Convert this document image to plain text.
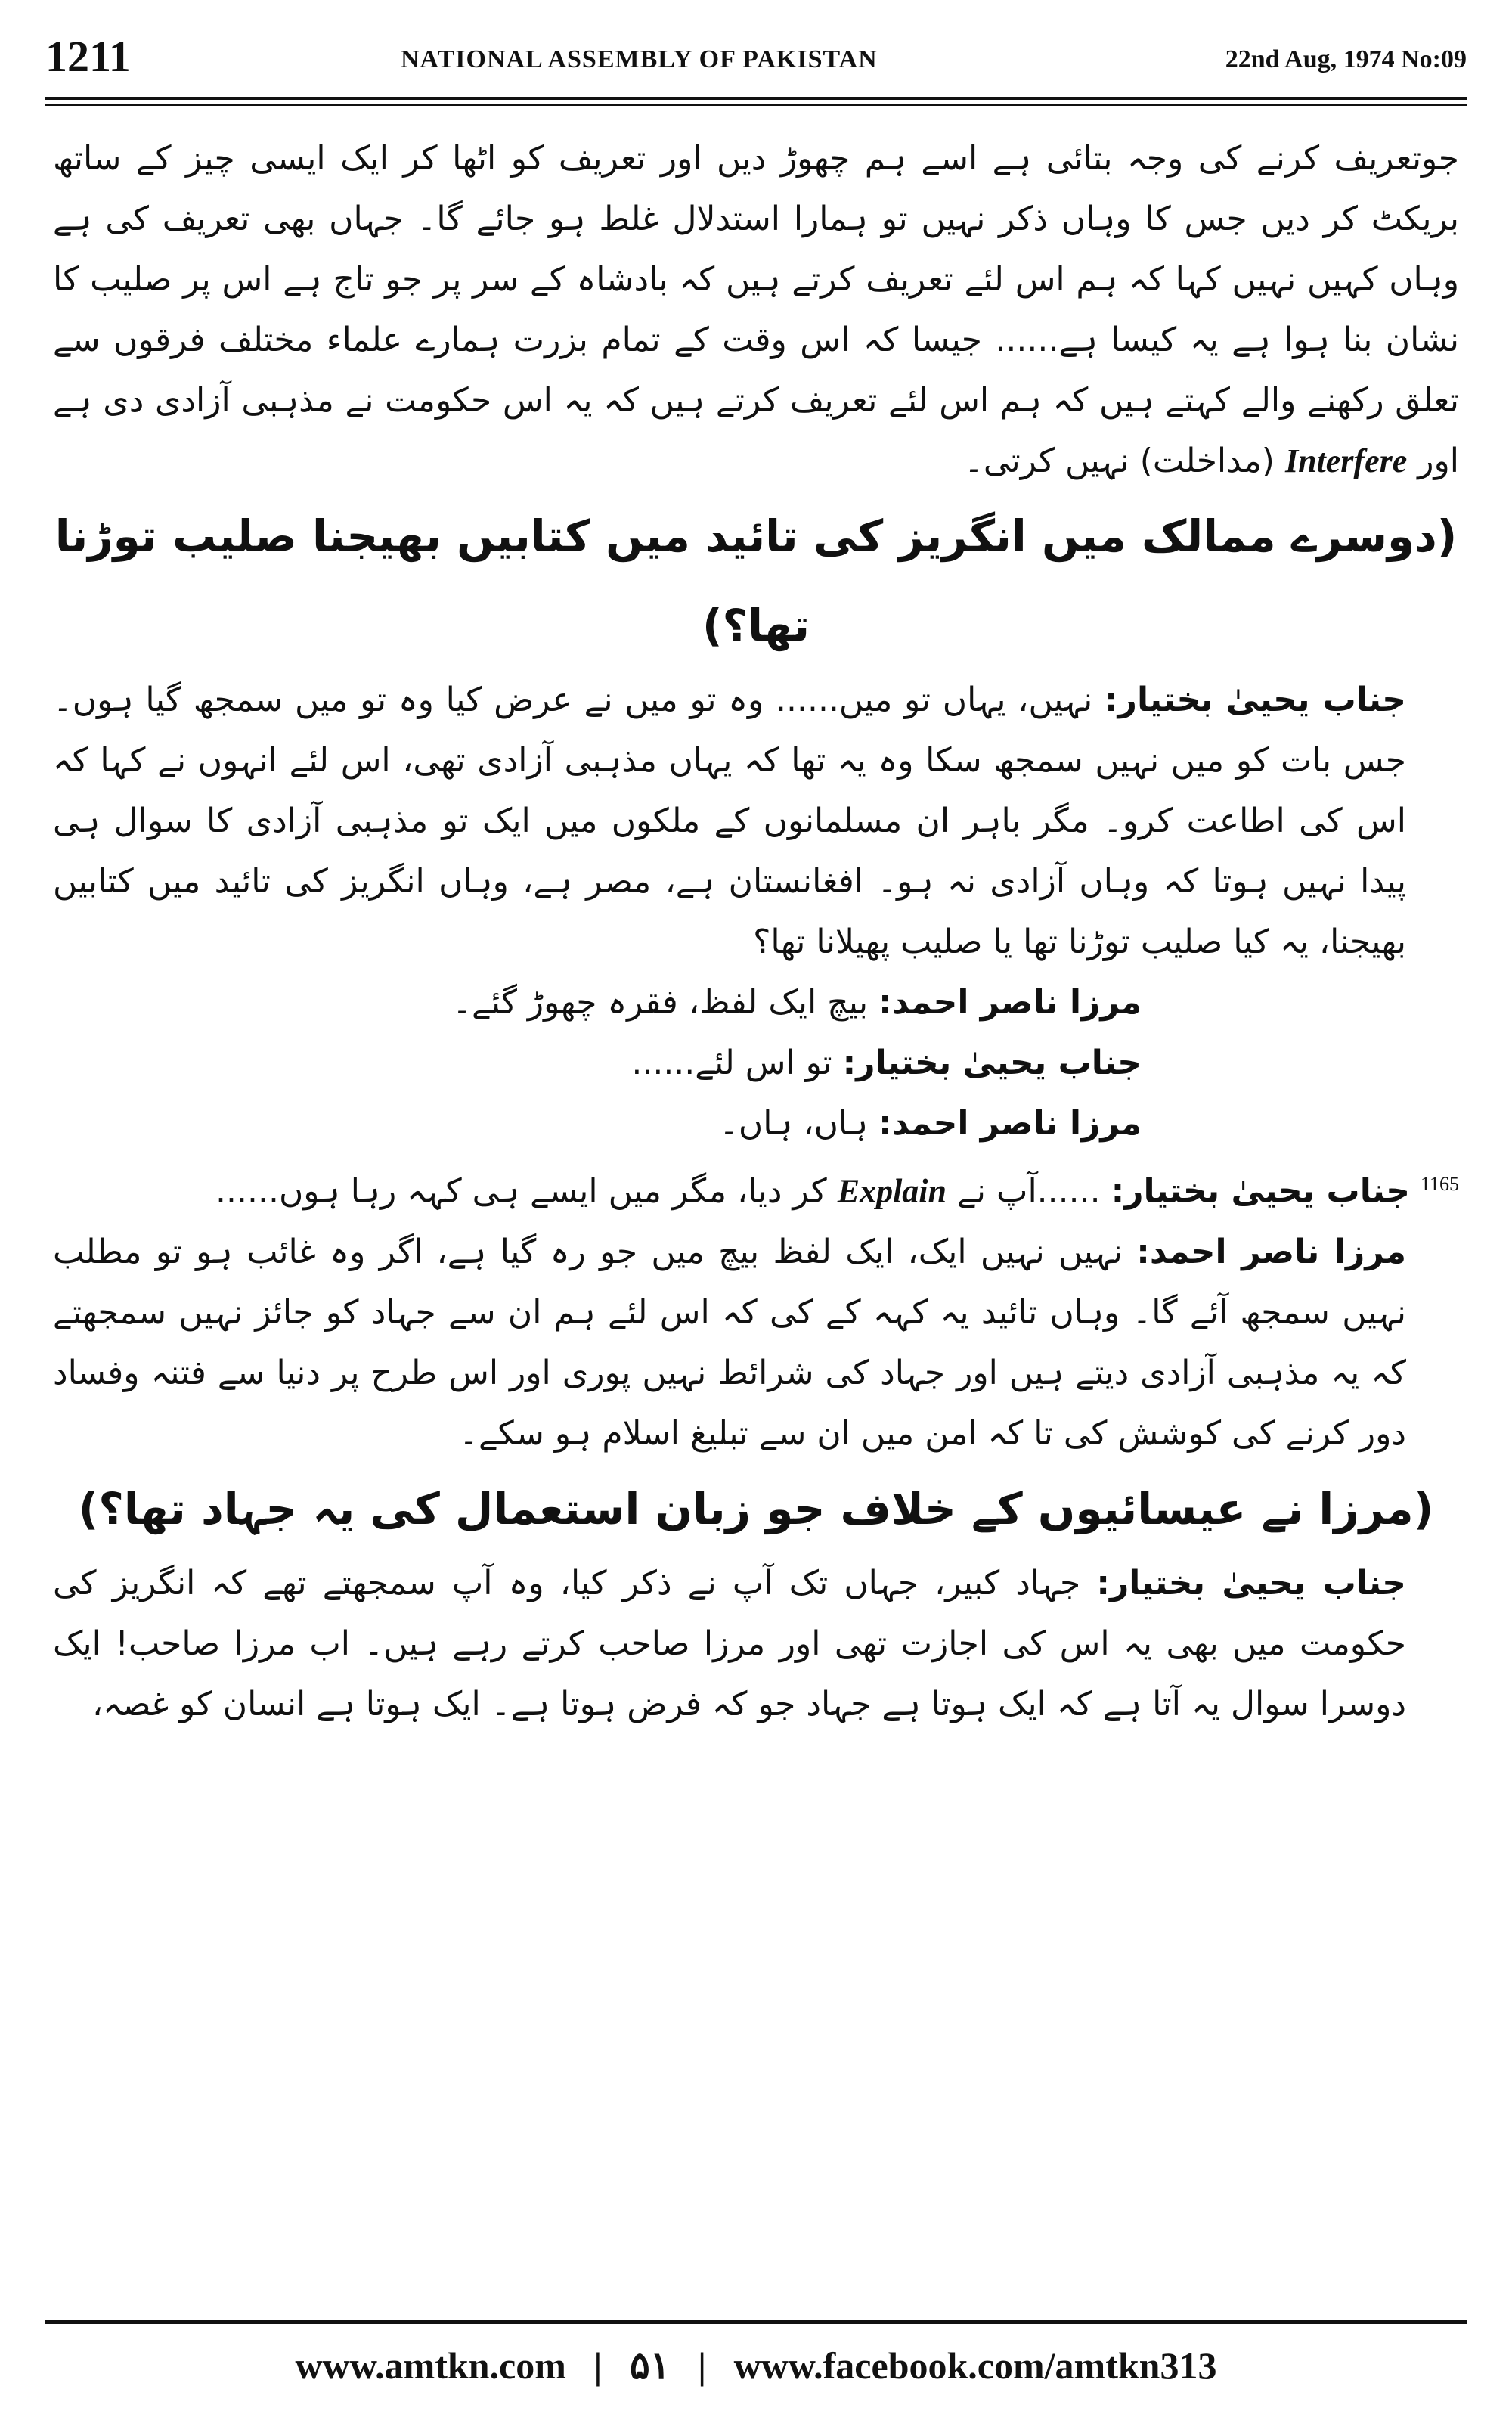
1211	NATIONAL ASSEMBLY OF PAKISTAN	22nd Aug, 1974 No:09

جوتعریف کرنے کی وجہ بتائی ہے اسے ہم چھوڑ دیں اور تعریف کو اٹھا کر ایک ایسی چیز کے ساتھ بریکٹ کر دیں جس کا وہاں ذکر نہیں تو ہمارا استدلال غلط ہو جائے گا۔ جہاں بھی تعریف کی ہے وہاں کہیں نہیں کہا کہ ہم اس لئے تعریف کرتے ہیں کہ بادشاہ کے سر پر جو تاج ہے اس پر صلیب کا نشان بنا ہوا ہے یہ کیسا ہے...... جیسا کہ اس وقت کے تمام بزرت ہمارے علماء مختلف فرقوں سے تعلق رکھنے والے کہتے ہیں کہ ہم اس لئے تعریف کرتے ہیں کہ یہ اس حکومت نے مذہبی آزادی دی ہے اور Interfere (مداخلت) نہیں کرتی۔

(دوسرے ممالک میں انگریز کی تائید میں کتابیں بھیجنا صلیب توڑنا تھا؟)

جناب یحییٰ بختیار: نہیں، یہاں تو میں...... وہ تو میں نے عرض کیا وہ تو میں سمجھ گیا ہوں۔ جس بات کو میں نہیں سمجھ سکا وہ یہ تھا کہ یہاں مذہبی آزادی تھی، اس لئے انہوں نے کہا کہ اس کی اطاعت کرو۔ مگر باہر ان مسلمانوں کے ملکوں میں ایک تو مذہبی آزادی کا سوال ہی پیدا نہیں ہوتا کہ وہاں آزادی نہ ہو۔ افغانستان ہے، مصر ہے، وہاں انگریز کی تائید میں کتابیں بھیجنا، یہ کیا صلیب توڑنا تھا یا صلیب پھیلانا تھا؟

مرزا ناصر احمد: بیچ ایک لفظ، فقرہ چھوڑ گئے۔

جناب یحییٰ بختیار: تو اس لئے......

مرزا ناصر احمد: ہاں، ہاں۔

$^{1165}$ جناب یحییٰ بختیار: ......آپ نے Explain کر دیا، مگر میں ایسے ہی کہہ رہا ہوں......

مرزا ناصر احمد: نہیں نہیں ایک، ایک لفظ بیچ میں جو رہ گیا ہے، اگر وہ غائب ہو تو مطلب نہیں سمجھ آئے گا۔ وہاں تائید یہ کہہ کے کی کہ اس لئے ہم ان سے جہاد کو جائز نہیں سمجھتے کہ یہ مذہبی آزادی دیتے ہیں اور جہاد کی شرائط نہیں پوری اور اس طرح پر دنیا سے فتنہ وفساد دور کرنے کی کوشش کی تا کہ امن میں ان سے تبلیغ اسلام ہو سکے۔

(مرزا نے عیسائیوں کے خلاف جو زبان استعمال کی یہ جہاد تھا؟)

جناب یحییٰ بختیار: جہاد کبیر، جہاں تک آپ نے ذکر کیا، وہ آپ سمجھتے تھے کہ انگریز کی حکومت میں بھی یہ اس کی اجازت تھی اور مرزا صاحب کرتے رہے ہیں۔ اب مرزا صاحب! ایک دوسرا سوال یہ آتا ہے کہ ایک ہوتا ہے جہاد جو کہ فرض ہوتا ہے۔ ایک ہوتا ہے انسان کو غصہ،

www.amtkn.com | ۵۱ | www.facebook.com/amtkn313
